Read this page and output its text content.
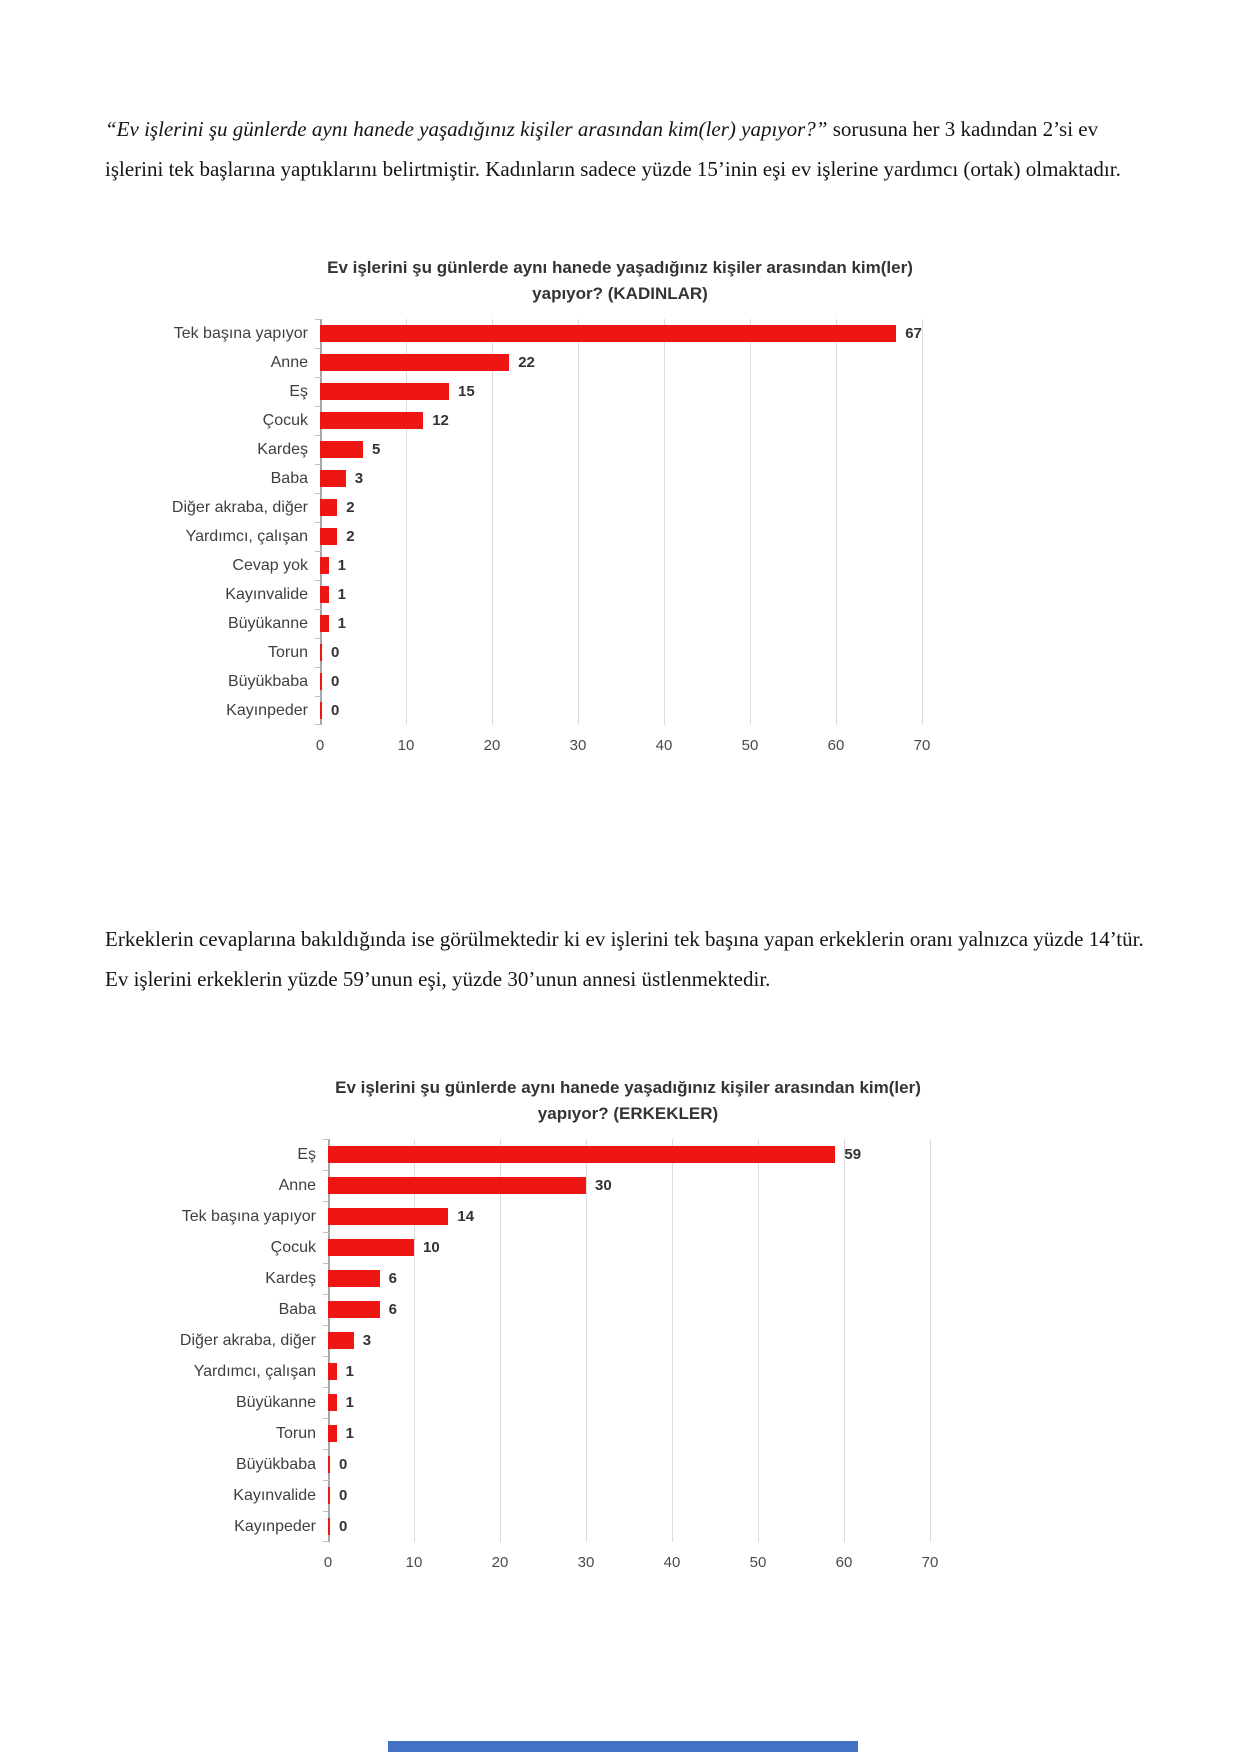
“Ev işlerini şu günlerde aynı hanede yaşadığınız kişiler arasından kim(ler) yapıyor?” sorusuna her 3 kadından 2’si ev işlerini tek başlarına yaptıklarını belirtmiştir. Kadınların sadece yüzde 15’inin eşi ev işlerine yardımcı (ortak) olmaktadır.

Ev işlerini şu günlerde aynı hanede yaşadığınız kişiler arasından kim(ler)
yapıyor? (KADINLAR)
Tek başına yapıyor	67
Anne	22
Eş	15
Çocuk	12
Kardeş	5
Baba	3
Diğer akraba, diğer	2
Yardımcı, çalışan	2
Cevap yok	1
Kayınvalide	1
Büyükanne	1
Torun	0
Büyükbaba	0
Kayınpeder	0
0	10	20	30	40	50	60	70

Erkeklerin cevaplarına bakıldığında ise görülmektedir ki ev işlerini tek başına yapan erkeklerin oranı yalnızca yüzde 14’tür. Ev işlerini erkeklerin yüzde 59’unun eşi, yüzde 30’unun annesi üstlenmektedir.

Ev işlerini şu günlerde aynı hanede yaşadığınız kişiler arasından kim(ler)
yapıyor? (ERKEKLER)
Eş	59
Anne	30
Tek başına yapıyor	14
Çocuk	10
Kardeş	6
Baba	6
Diğer akraba, diğer	3
Yardımcı, çalışan	1
Büyükanne	1
Torun	1
Büyükbaba	0
Kayınvalide	0
Kayınpeder	0
0	10	20	30	40	50	60	70
